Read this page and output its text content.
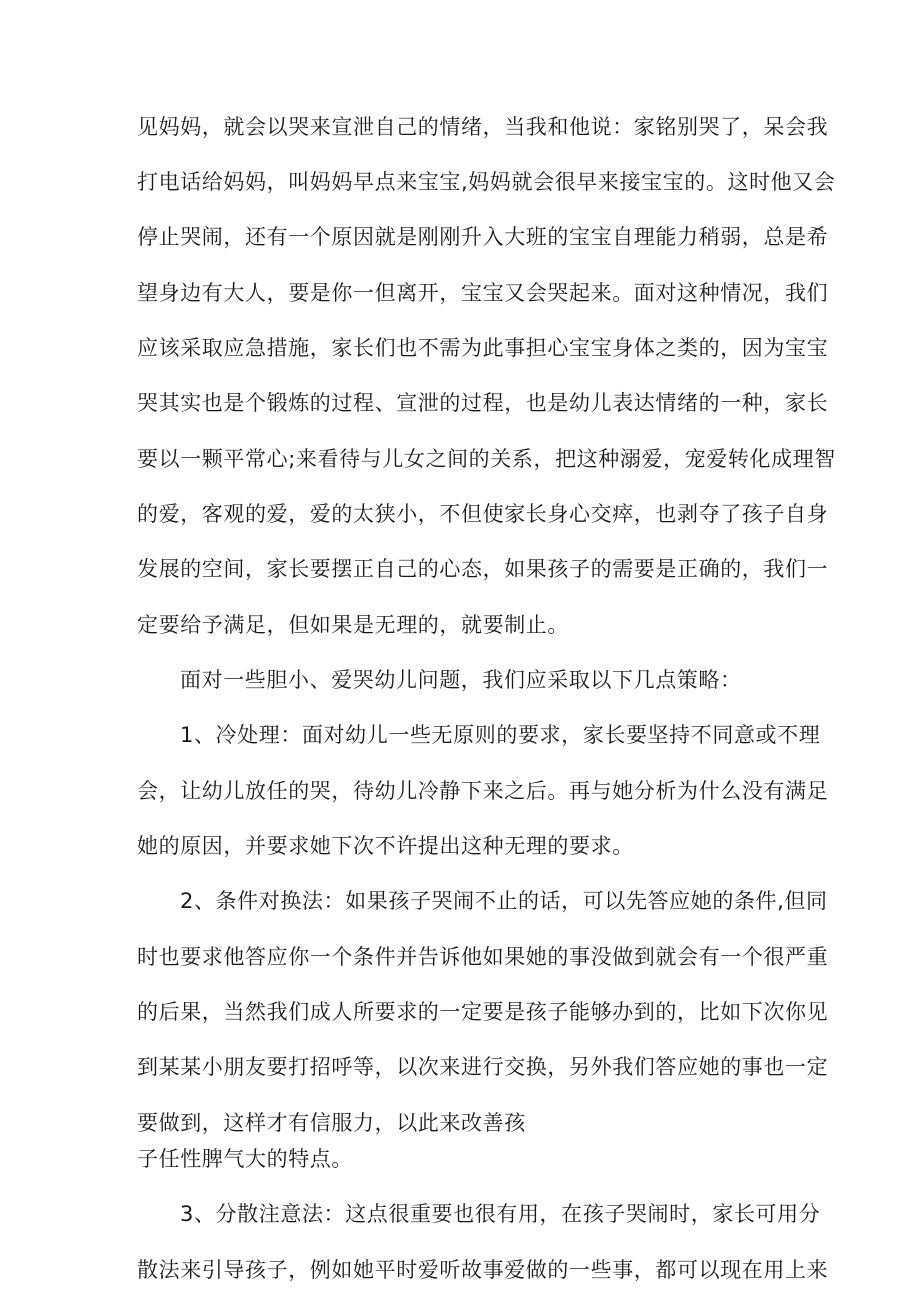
见妈妈，就会以哭来宣泄自己的情绪，当我和他说：家铭别哭了，呆会我
打电话给妈妈，叫妈妈早点来宝宝,妈妈就会很早来接宝宝的。这时他又会
停止哭闹，还有一个原因就是刚刚升入大班的宝宝自理能力稍弱，总是希
望身边有大人，要是你一但离开，宝宝又会哭起来。面对这种情况，我们
应该采取应急措施，家长们也不需为此事担心宝宝身体之类的，因为宝宝
哭其实也是个锻炼的过程、宣泄的过程，也是幼儿表达情绪的一种，家长
要以一颗平常心;来看待与儿女之间的关系，把这种溺爱，宠爱转化成理智
的爱，客观的爱，爱的太狭小，不但使家长身心交瘁，也剥夺了孩子自身
发展的空间，家长要摆正自己的心态，如果孩子的需要是正确的，我们一
定要给予满足，但如果是无理的，就要制止。
面对一些胆小、爱哭幼儿问题，我们应采取以下几点策略：
1、冷处理：面对幼儿一些无原则的要求，家长要坚持不同意或不理
会，让幼儿放任的哭，待幼儿冷静下来之后。再与她分析为什么没有满足
她的原因，并要求她下次不许提出这种无理的要求。
2、条件对换法：如果孩子哭闹不止的话，可以先答应她的条件,但同
时也要求他答应你一个条件并告诉他如果她的事没做到就会有一个很严重
的后果，当然我们成人所要求的一定要是孩子能够办到的，比如下次你见
到某某小朋友要打招呼等，以次来进行交换，另外我们答应她的事也一定
要做到，这样才有信服力，以此来改善孩
子任性脾气大的特点。
3、分散注意法：这点很重要也很有用，在孩子哭闹时，家长可用分
散法来引导孩子，例如她平时爱听故事爱做的一些事，都可以现在用上来
